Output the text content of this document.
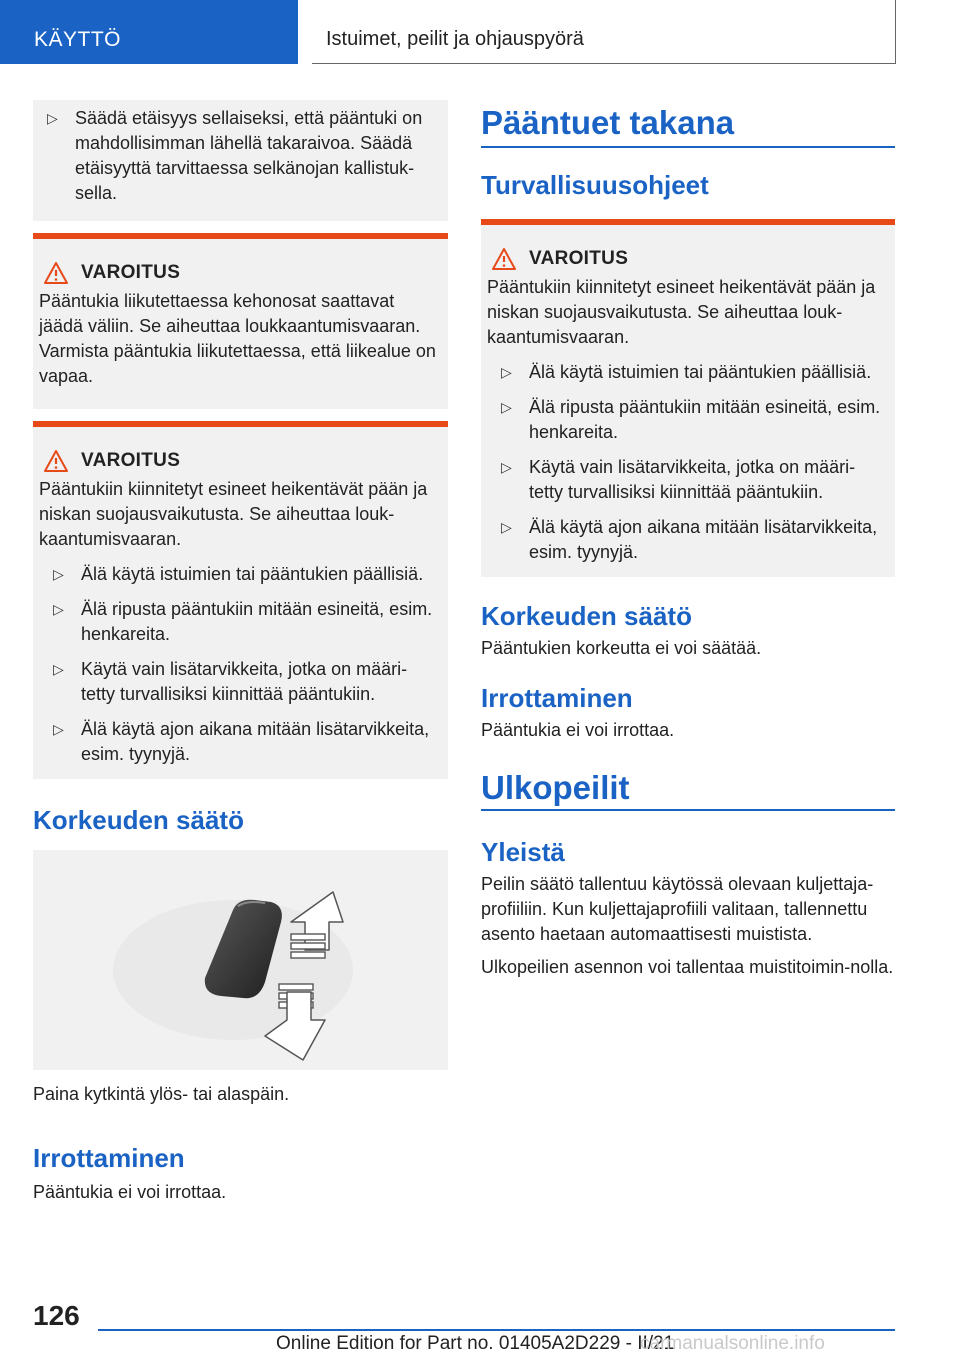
KÄYTTÖ	Istuimet, peilit ja ohjauspyörä
▷ Säädä etäisyys sellaiseksi, että pääntuki on mahdollisimman lähellä takaraivoa. Säädä etäisyyttä tarvittaessa selkänojan kallistuk-sella.
VAROITUS
Pääntukia liikutettaessa kehonosat saattavat jäädä väliin. Se aiheuttaa loukkaantumisvaaran. Varmista pääntukia liikutettaessa, että liikealue on vapaa.
VAROITUS
Pääntukiin kiinnitetyt esineet heikentävät pään ja niskan suojausvaikutusta. Se aiheuttaa louk-kaantumisvaaran.
▷ Älä käytä istuimien tai pääntukien päällisiä.
▷ Älä ripusta pääntukiin mitään esineitä, esim. henkareita.
▷ Käytä vain lisätarvikkeita, jotka on määri-tetty turvallisiksi kiinnittää pääntukiin.
▷ Älä käytä ajon aikana mitään lisätarvikkeita, esim. tyynyjä.
Korkeuden säätö
Paina kytkintä ylös- tai alaspäin.
Irrottaminen
Pääntukia ei voi irrottaa.
Pääntuet takana
Turvallisuusohjeet
VAROITUS
Pääntukiin kiinnitetyt esineet heikentävät pään ja niskan suojausvaikutusta. Se aiheuttaa louk-kaantumisvaaran.
▷ Älä käytä istuimien tai pääntukien päällisiä.
▷ Älä ripusta pääntukiin mitään esineitä, esim. henkareita.
▷ Käytä vain lisätarvikkeita, jotka on määri-tetty turvallisiksi kiinnittää pääntukiin.
▷ Älä käytä ajon aikana mitään lisätarvikkeita, esim. tyynyjä.
Korkeuden säätö
Pääntukien korkeutta ei voi säätää.
Irrottaminen
Pääntukia ei voi irrottaa.
Ulkopeilit
Yleistä
Peilin säätö tallentuu käytössä olevaan kuljettaja-profiiliin. Kun kuljettajaprofiili valitaan, tallennettu asento haetaan automaattisesti muistista.
Ulkopeilien asennon voi tallentaa muistitoimin-nolla.
126
Online Edition for Part no. 01405A2D229 - II/21
carmanualsonline.info
